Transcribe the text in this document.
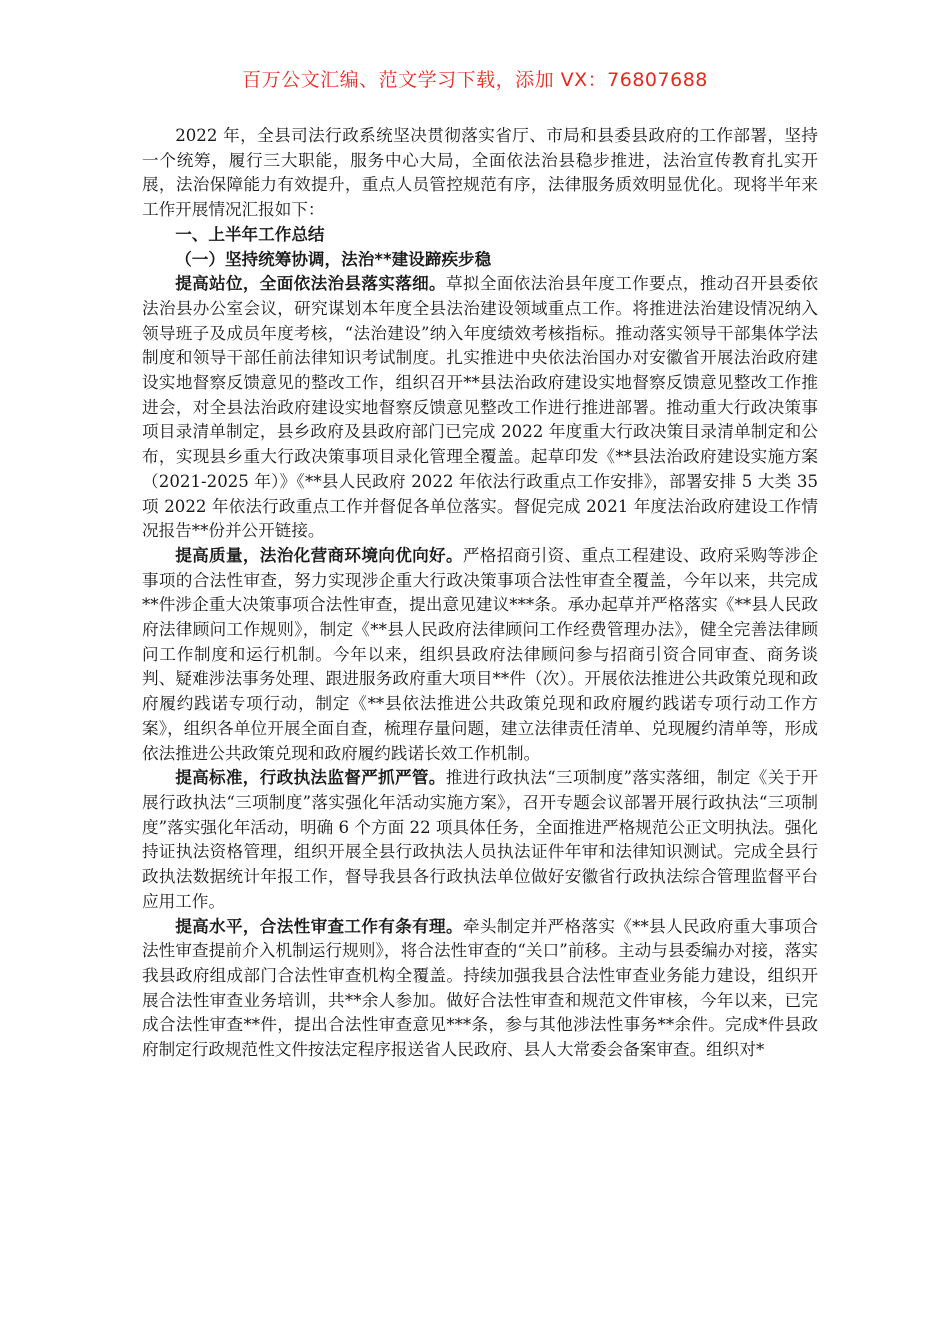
百万公文汇编、范文学习下载，添加 VX：76807688

2022 年，全县司法行政系统坚决贯彻落实省厅、市局和县委县政府的工作部署，坚持一个统筹，履行三大职能，服务中心大局，全面依法治县稳步推进，法治宣传教育扎实开展，法治保障能力有效提升，重点人员管控规范有序，法律服务质效明显优化。现将半年来工作开展情况汇报如下：

一、上半年工作总结

（一）坚持统筹协调，法治**建设蹄疾步稳

提高站位，全面依法治县落实落细。草拟全面依法治县年度工作要点，推动召开县委依法治县办公室会议，研究谋划本年度全县法治建设领域重点工作。将推进法治建设情况纳入领导班子及成员年度考核，“法治建设”纳入年度绩效考核指标。推动落实领导干部集体学法制度和领导干部任前法律知识考试制度。扎实推进中央依法治国办对安徽省开展法治政府建设实地督察反馈意见的整改工作，组织召开**县法治政府建设实地督察反馈意见整改工作推进会，对全县法治政府建设实地督察反馈意见整改工作进行推进部署。推动重大行政决策事项目录清单制定，县乡政府及县政府部门已完成 2022 年度重大行政决策目录清单制定和公布，实现县乡重大行政决策事项目录化管理全覆盖。起草印发《**县法治政府建设实施方案（2021-2025 年）》《**县人民政府 2022 年依法行政重点工作安排》，部署安排 5 大类 35 项 2022 年依法行政重点工作并督促各单位落实。督促完成 2021 年度法治政府建设工作情况报告**份并公开链接。

提高质量，法治化营商环境向优向好。严格招商引资、重点工程建设、政府采购等涉企事项的合法性审查，努力实现涉企重大行政决策事项合法性审查全覆盖，今年以来，共完成**件涉企重大决策事项合法性审查，提出意见建议***条。承办起草并严格落实《**县人民政府法律顾问工作规则》，制定《**县人民政府法律顾问工作经费管理办法》，健全完善法律顾问工作制度和运行机制。今年以来，组织县政府法律顾问参与招商引资合同审查、商务谈判、疑难涉法事务处理、跟进服务政府重大项目**件（次）。开展依法推进公共政策兑现和政府履约践诺专项行动，制定《**县依法推进公共政策兑现和政府履约践诺专项行动工作方案》，组织各单位开展全面自查，梳理存量问题，建立法律责任清单、兑现履约清单等，形成依法推进公共政策兑现和政府履约践诺长效工作机制。

提高标准，行政执法监督严抓严管。推进行政执法“三项制度”落实落细，制定《关于开展行政执法“三项制度”落实强化年活动实施方案》，召开专题会议部署开展行政执法“三项制度”落实强化年活动，明确 6 个方面 22 项具体任务，全面推进严格规范公正文明执法。强化持证执法资格管理，组织开展全县行政执法人员执法证件年审和法律知识测试。完成全县行政执法数据统计年报工作，督导我县各行政执法单位做好安徽省行政执法综合管理监督平台应用工作。

提高水平，合法性审查工作有条有理。牵头制定并严格落实《**县人民政府重大事项合法性审查提前介入机制运行规则》，将合法性审查的“关口”前移。主动与县委编办对接，落实我县政府组成部门合法性审查机构全覆盖。持续加强我县合法性审查业务能力建设，组织开展合法性审查业务培训，共**余人参加。做好合法性审查和规范文件审核，今年以来，已完成合法性审查**件，提出合法性审查意见***条，参与其他涉法性事务**余件。完成*件县政府制定行政规范性文件按法定程序报送省人民政府、县人大常委会备案审查。组织对*
